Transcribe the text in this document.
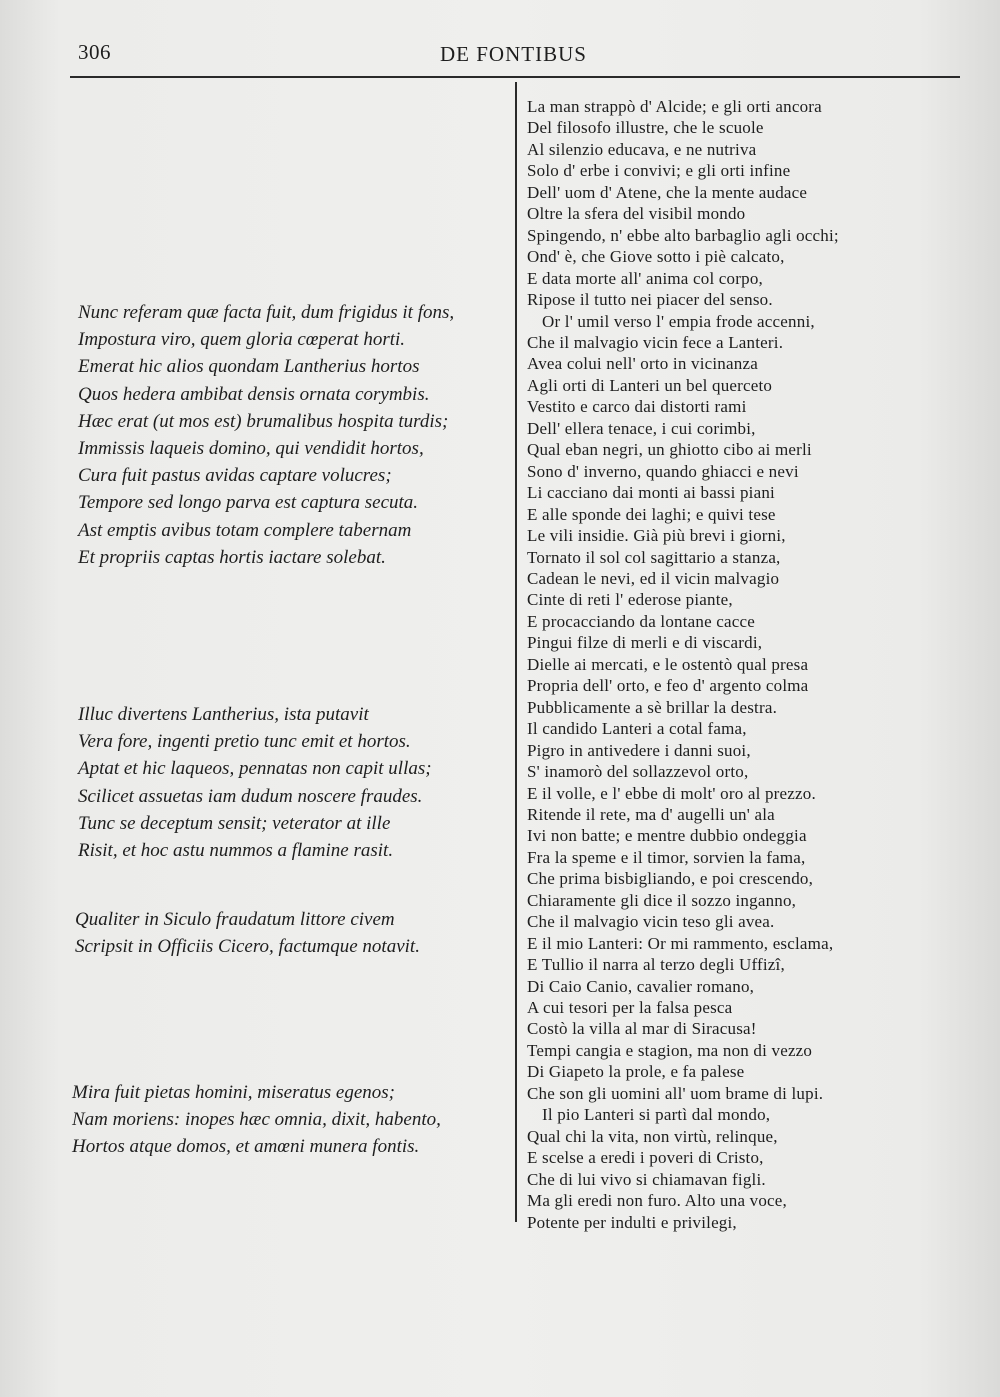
306	DE FONTIBUS
Nunc referam quæ facta fuit, dum frigidus it fons,
Impostura viro, quem gloria cœperat horti.
Emerat hic alios quondam Lantherius hortos
Quos hedera ambibat densis ornata corymbis.
Hæc erat (ut mos est) brumalibus hospita turdis;
Immissis laqueis domino, qui vendidit hortos,
Cura fuit pastus avidas captare volucres;
Tempore sed longo parva est captura secuta.
Ast emptis avibus totam complere tabernam
Et propriis captas hortis iactare solebat.
Illuc divertens Lantherius, ista putavit
Vera fore, ingenti pretio tunc emit et hortos.
Aptat et hic laqueos, pennatas non capit ullas;
Scilicet assuetas iam dudum noscere fraudes.
Tunc se deceptum sensit; veterator at ille
Risit, et hoc astu nummos a flamine rasit.
Qualiter in Siculo fraudatum littore civem
Scripsit in Officiis Cicero, factumque notavit.
Mira fuit pietas homini, miseratus egenos;
Nam moriens: inopes hæc omnia, dixit, habento,
Hortos atque domos, et amœni munera fontis.
La man strappò d' Alcide; e gli orti ancora
Del filosofo illustre, che le scuole
Al silenzio educava, e ne nutriva
Solo d' erbe i convivi; e gli orti infine
Dell' uom d' Atene, che la mente audace
Oltre la sfera del visibil mondo
Spingendo, n' ebbe alto barbaglio agli occhi;
Ond' è, che Giove sotto i piè calcato,
E data morte all' anima col corpo,
Ripose il tutto nei piacer del senso.
Or l' umil verso l' empia frode accenni,
Che il malvagio vicin fece a Lanteri.
Avea colui nell' orto in vicinanza
Agli orti di Lanteri un bel querceto
Vestito e carco dai distorti rami
Dell' ellera tenace, i cui corimbi,
Qual eban negri, un ghiotto cibo ai merli
Sono d' inverno, quando ghiacci e nevi
Li cacciano dai monti ai bassi piani
E alle sponde dei laghi; e quivi tese
Le vili insidie. Già più brevi i giorni,
Tornato il sol col sagittario a stanza,
Cadean le nevi, ed il vicin malvagio
Cinte di reti l' ederose piante,
E procacciando da lontane cacce
Pingui filze di merli e di viscardi,
Dielle ai mercati, e le ostentò qual presa
Propria dell' orto, e feo d' argento colma
Pubblicamente a sè brillar la destra.
Il candido Lanteri a cotal fama,
Pigro in antivedere i danni suoi,
S' inamorò del sollazzevol orto,
E il volle, e l' ebbe di molt' oro al prezzo.
Ritende il rete, ma d' augelli un' ala
Ivi non batte; e mentre dubbio ondeggia
Fra la speme e il timor, sorvien la fama,
Che prima bisbigliando, e poi crescendo,
Chiaramente gli dice il sozzo inganno,
Che il malvagio vicin teso gli avea.
E il mio Lanteri: Or mi rammento, esclama,
E Tullio il narra al terzo degli Uffizî,
Di Caio Canio, cavalier romano,
A cui tesori per la falsa pesca
Costò la villa al mar di Siracusa!
Tempi cangia e stagion, ma non di vezzo
Di Giapeto la prole, e fa palese
Che son gli uomini all' uom brame di lupi.
Il pio Lanteri si partì dal mondo,
Qual chi la vita, non virtù, relinque,
E scelse a eredi i poveri di Cristo,
Che di lui vivo si chiamavan figli.
Ma gli eredi non furo. Alto una voce,
Potente per indulti e privilegi,
